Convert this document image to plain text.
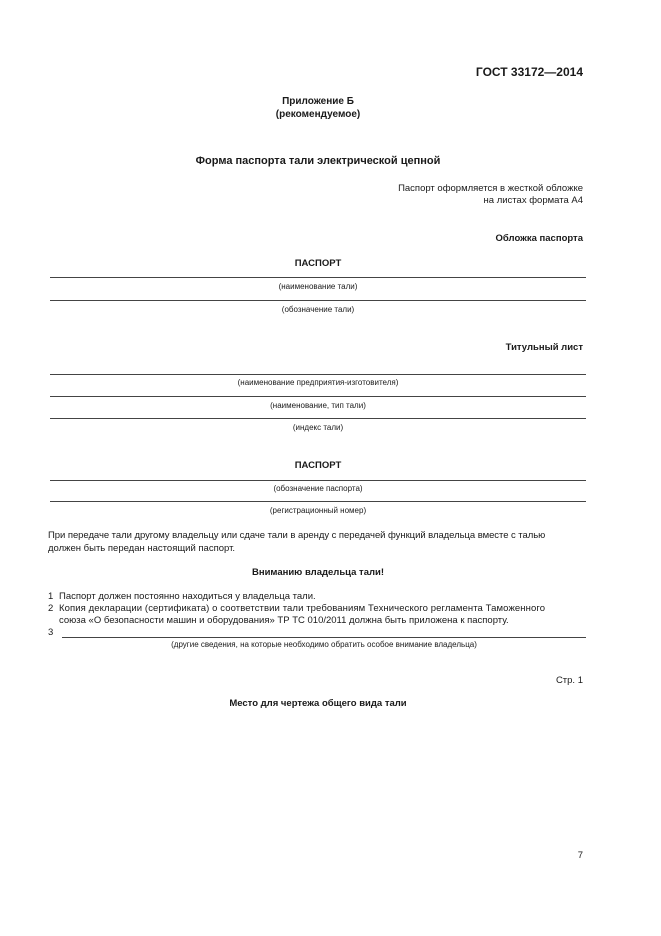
ГОСТ 33172—2014
Приложение Б
(рекомендуемое)
Форма паспорта тали электрической цепной
Паспорт оформляется в жесткой обложке
на листах формата А4
Обложка паспорта
ПАСПОРТ
(наименование тали)
(обозначение тали)
Титульный лист
(наименование предприятия-изготовителя)
(наименование, тип тали)
(индекс тали)
ПАСПОРТ
(обозначение паспорта)
(регистрационный номер)
При передаче тали другому владельцу или сдаче тали в аренду с передачей функций владельца вместе с талью
должен быть передан настоящий паспорт.
Вниманию владельца тали!
1 Паспорт должен постоянно находиться у владельца тали.
2 Копия декларации (сертификата) о соответствии тали требованиям Технического регламента Таможенного
союза «О безопасности машин и оборудования» ТР ТС 010/2011 должна быть приложена к паспорту.
3
(другие сведения, на которые необходимо обратить особое внимание владельца)
Стр. 1
Место для чертежа общего вида тали
7
